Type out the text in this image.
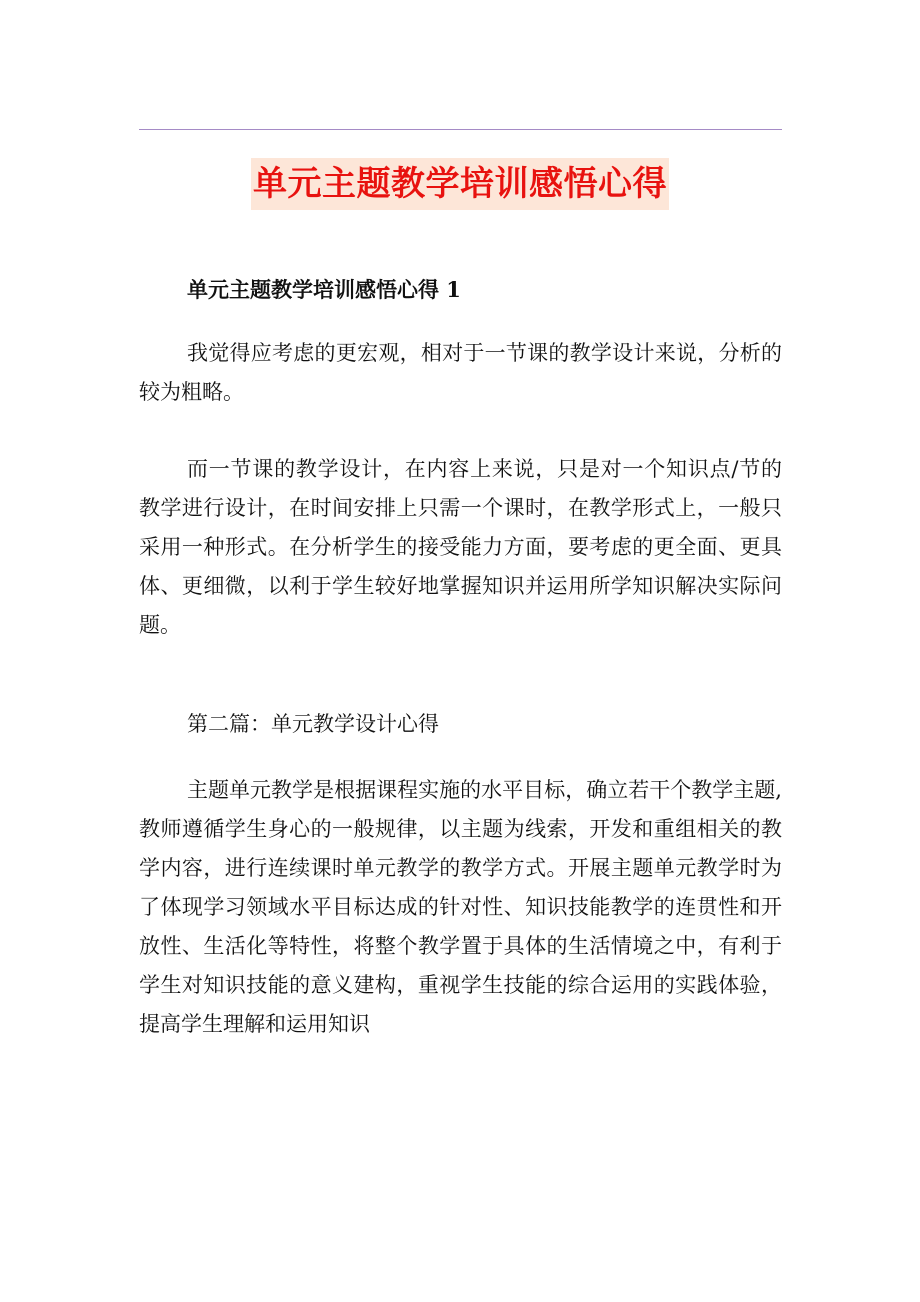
单元主题教学培训感悟心得
单元主题教学培训感悟心得 1

我觉得应考虑的更宏观，相对于一节课的教学设计来说，分析的较为粗略。

而一节课的教学设计，在内容上来说，只是对一个知识点/节的教学进行设计，在时间安排上只需一个课时，在教学形式上，一般只采用一种形式。在分析学生的接受能力方面，要考虑的更全面、更具体、更细微，以利于学生较好地掌握知识并运用所学知识解决实际问题。

第二篇：单元教学设计心得

主题单元教学是根据课程实施的水平目标，确立若干个教学主题,教师遵循学生身心的一般规律，以主题为线索，开发和重组相关的教学内容，进行连续课时单元教学的教学方式。开展主题单元教学时为了体现学习领域水平目标达成的针对性、知识技能教学的连贯性和开放性、生活化等特性，将整个教学置于具体的生活情境之中，有利于学生对知识技能的意义建构，重视学生技能的综合运用的实践体验，提高学生理解和运用知识
